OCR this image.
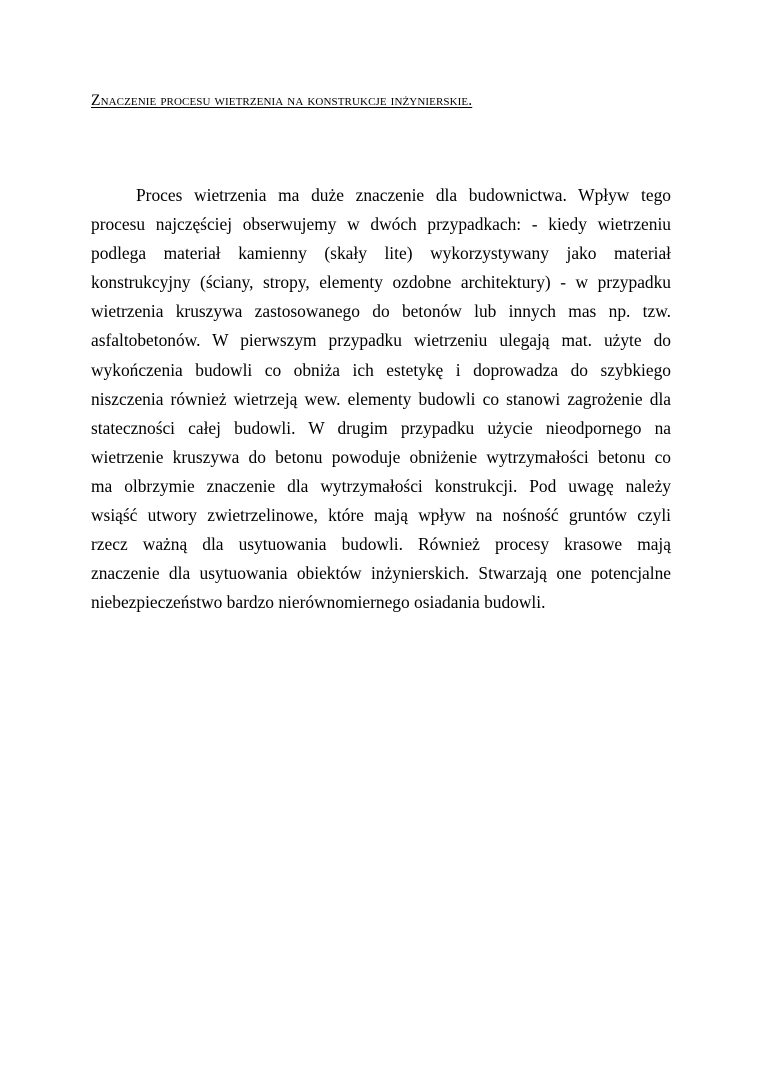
Znaczenie procesu wietrzenia na konstrukcje inżynierskie.
Proces wietrzenia ma duże znaczenie dla budownictwa. Wpływ tego
procesu najczęściej obserwujemy w dwóch przypadkach: - kiedy wietrzeniu
podlega materiał kamienny (skały lite) wykorzystywany jako materiał
konstrukcyjny (ściany, stropy, elementy ozdobne architektury) - w przypadku
wietrzenia kruszywa zastosowanego do betonów lub innych mas np. tzw.
asfaltobetonów. W pierwszym przypadku wietrzeniu ulegają mat. użyte do
wykończenia budowli co obniża ich estetykę i doprowadza do szybkiego
niszczenia również wietrzeją wew. elementy budowli co stanowi zagrożenie dla
stateczności całej budowli. W drugim przypadku użycie nieodpornego na
wietrzenie kruszywa do betonu powoduje obniżenie wytrzymałości betonu co
ma olbrzymie znaczenie dla wytrzymałości konstrukcji. Pod uwagę należy
wsiąść utwory zwietrzelinowe, które mają wpływ na nośność gruntów czyli
rzecz ważną dla usytuowania budowli. Również procesy krasowe mają
znaczenie dla usytuowania obiektów inżynierskich. Stwarzają one potencjalne
niebezpieczeństwo bardzo nierównomiernego osiadania budowli.
